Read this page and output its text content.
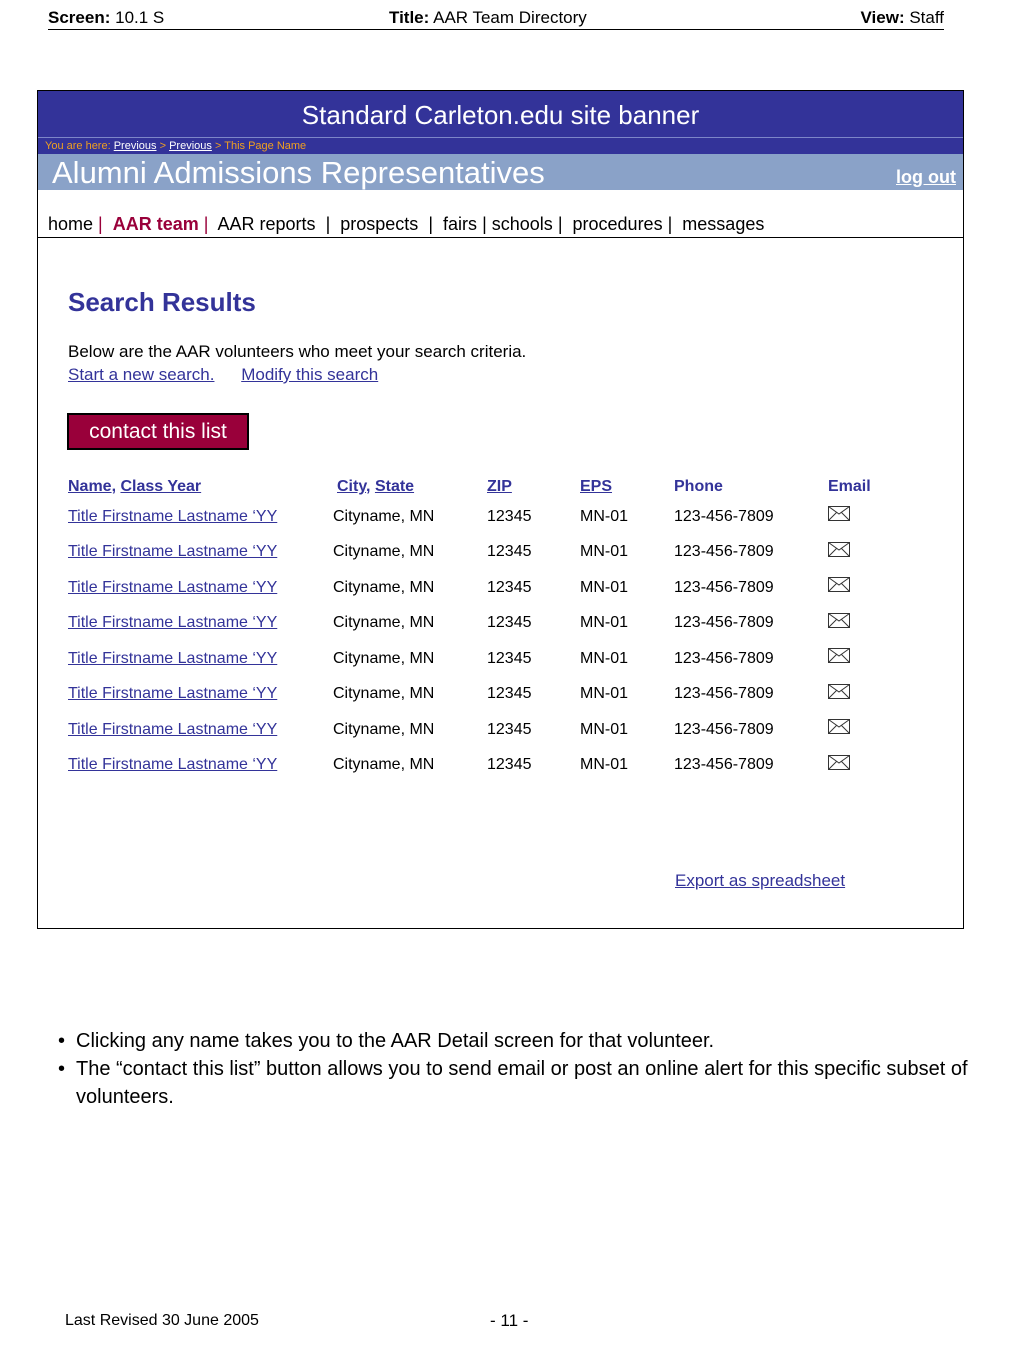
Screen: 10.1 S	Title: AAR Team Directory	View: Staff
Standard Carleton.edu site banner
You are here: Previous > Previous > This Page Name
Alumni Admissions Representatives	log out
home | AAR team | AAR reports | prospects | fairs | schools | procedures | messages
Search Results

Below are the AAR volunteers who meet your search criteria.

Start a new search. Modify this search
contact this list
Name, Class Year	City, State	ZIP	EPS	Phone	Email
Title Firstname Lastname ‘YY	Cityname, MN	12345	MN-01	123-456-7809	
Title Firstname Lastname ‘YY	Cityname, MN	12345	MN-01	123-456-7809	
Title Firstname Lastname ‘YY	Cityname, MN	12345	MN-01	123-456-7809	
Title Firstname Lastname ‘YY	Cityname, MN	12345	MN-01	123-456-7809	
Title Firstname Lastname ‘YY	Cityname, MN	12345	MN-01	123-456-7809	
Title Firstname Lastname ‘YY	Cityname, MN	12345	MN-01	123-456-7809	
Title Firstname Lastname ‘YY	Cityname, MN	12345	MN-01	123-456-7809	
Title Firstname Lastname ‘YY	Cityname, MN	12345	MN-01	123-456-7809	
Export as spreadsheet
• Clicking any name takes you to the AAR Detail screen for that volunteer.
• The “contact this list” button allows you to send email or post an online alert for this specific subset of volunteers.
Last Revised 30 June 2005	- 11 -
